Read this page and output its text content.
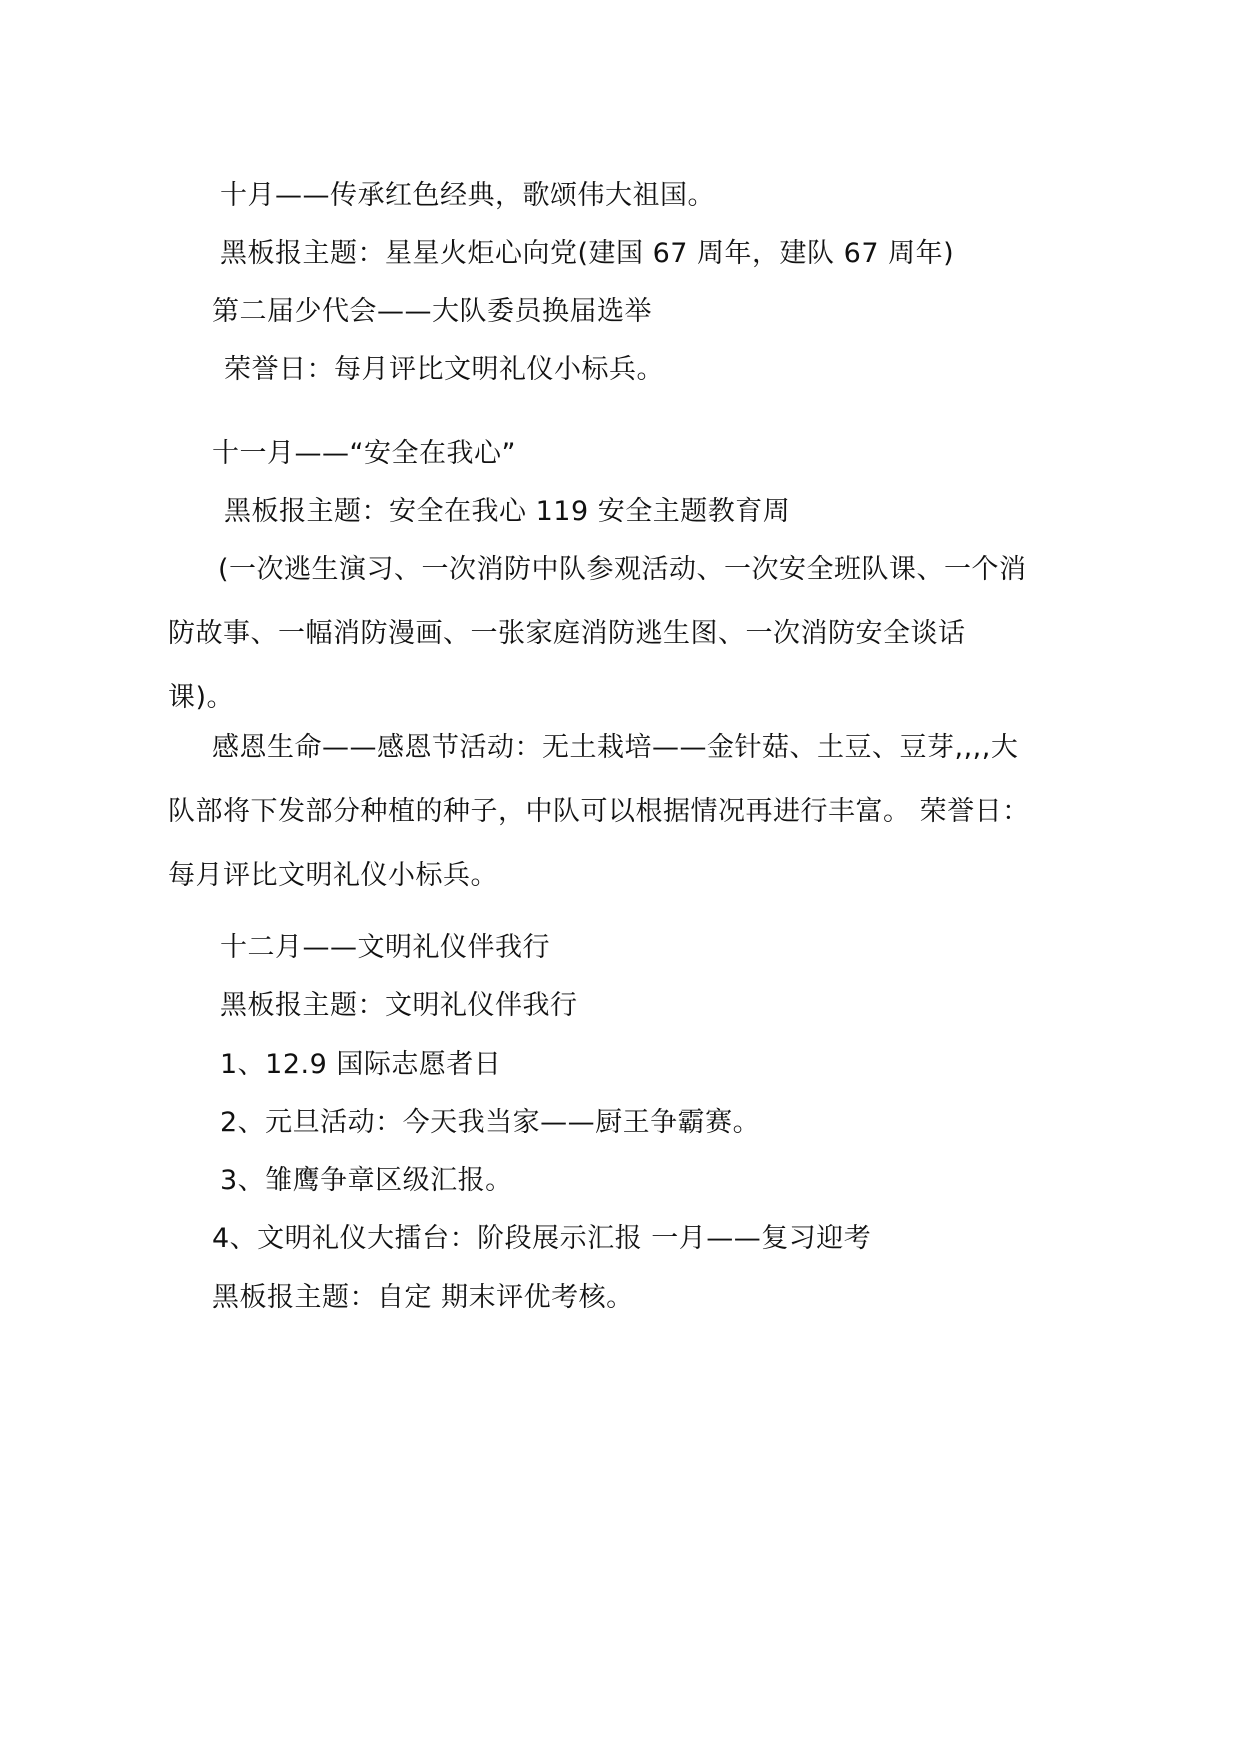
十月——传承红色经典，歌颂伟大祖国。
黑板报主题：星星火炬心向党(建国 67 周年，建队 67 周年)
第二届少代会——大队委员换届选举
荣誉日：每月评比文明礼仪小标兵。
十一月——“安全在我心”
黑板报主题：安全在我心 119 安全主题教育周
(一次逃生演习、一次消防中队参观活动、一次安全班队课、一个消防故事、一幅消防漫画、一张家庭消防逃生图、一次消防安全谈话课)。
感恩生命——感恩节活动：无土栽培——金针菇、土豆、豆芽,,,,大队部将下发部分种植的种子，中队可以根据情况再进行丰富。 荣誉日：每月评比文明礼仪小标兵。
十二月——文明礼仪伴我行
黑板报主题：文明礼仪伴我行
1、12.9 国际志愿者日
2、元旦活动：今天我当家——厨王争霸赛。
3、雏鹰争章区级汇报。
4、文明礼仪大擂台：阶段展示汇报 一月——复习迎考
黑板报主题：自定 期末评优考核。
